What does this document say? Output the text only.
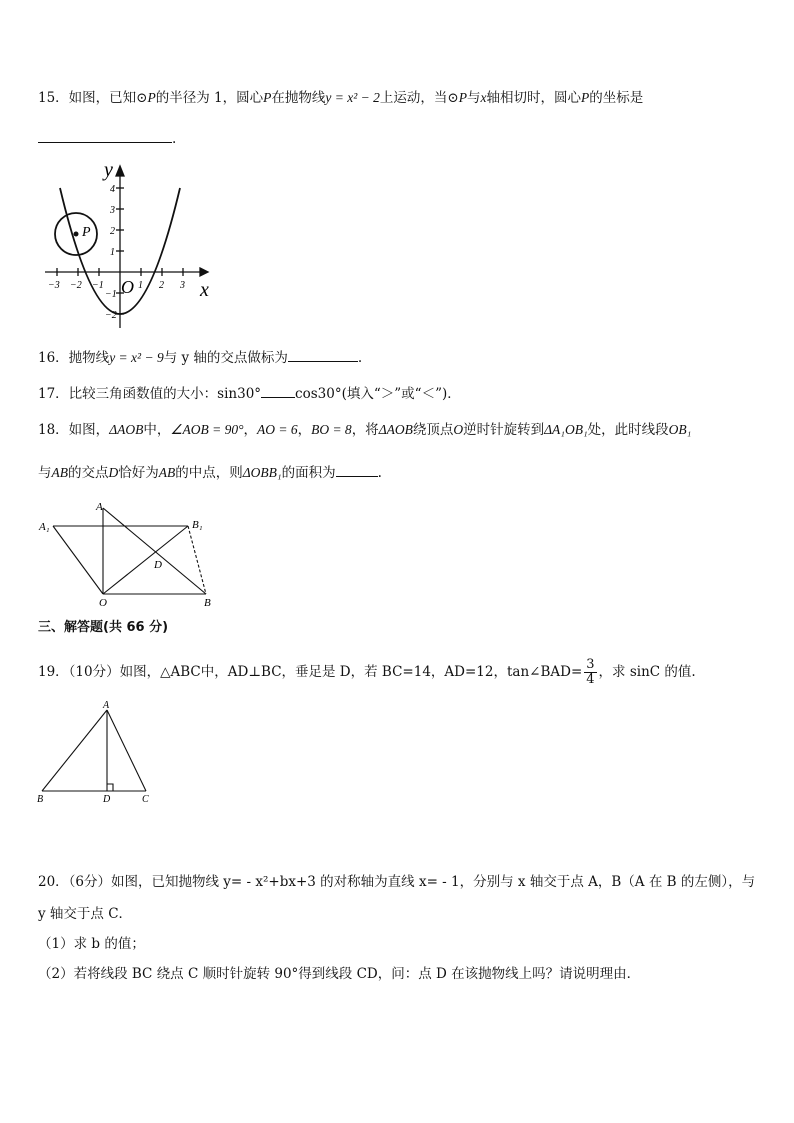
15．如图，已知⊙P的半径为 1，圆心P在抛物线y = x² − 2上运动，当⊙P与x轴相切时，圆心P的坐标是
.
y
x
O
P
−3 −2 −1	1 2 3
4
3
2
1
−1
−2
16．抛物线y = x² − 9与 y 轴的交点做标为	.
17．比较三角函数值的大小：sin30°	cos30°(填入“＞”或“＜”)．
18．如图，ΔAOB中，∠AOB = 90°，AO = 6，BO = 8，将ΔAOB绕顶点O逆时针旋转到ΔA₁OB₁处，此时线段OB₁
与AB的交点D恰好为AB的中点，则ΔOBB₁的面积为	.
A₁
A
B₁
D
O	B
三、解答题(共 66 分)
19．（10分）如图，△ABC中，AD⊥BC，垂足是 D，若 BC=14，AD=12，tan∠BAD= $\frac{3}{4}$ ，求 sinC 的值.
A
B	D	C
20．（6分）如图，已知抛物线 y= - x²+bx+3 的对称轴为直线 x= - 1，分别与 x 轴交于点 A，B（A 在 B 的左侧），与
y 轴交于点 C．
（1）求 b 的值；
（2）若将线段 BC 绕点 C 顺时针旋转 90°得到线段 CD，问：点 D 在该抛物线上吗？请说明理由．
